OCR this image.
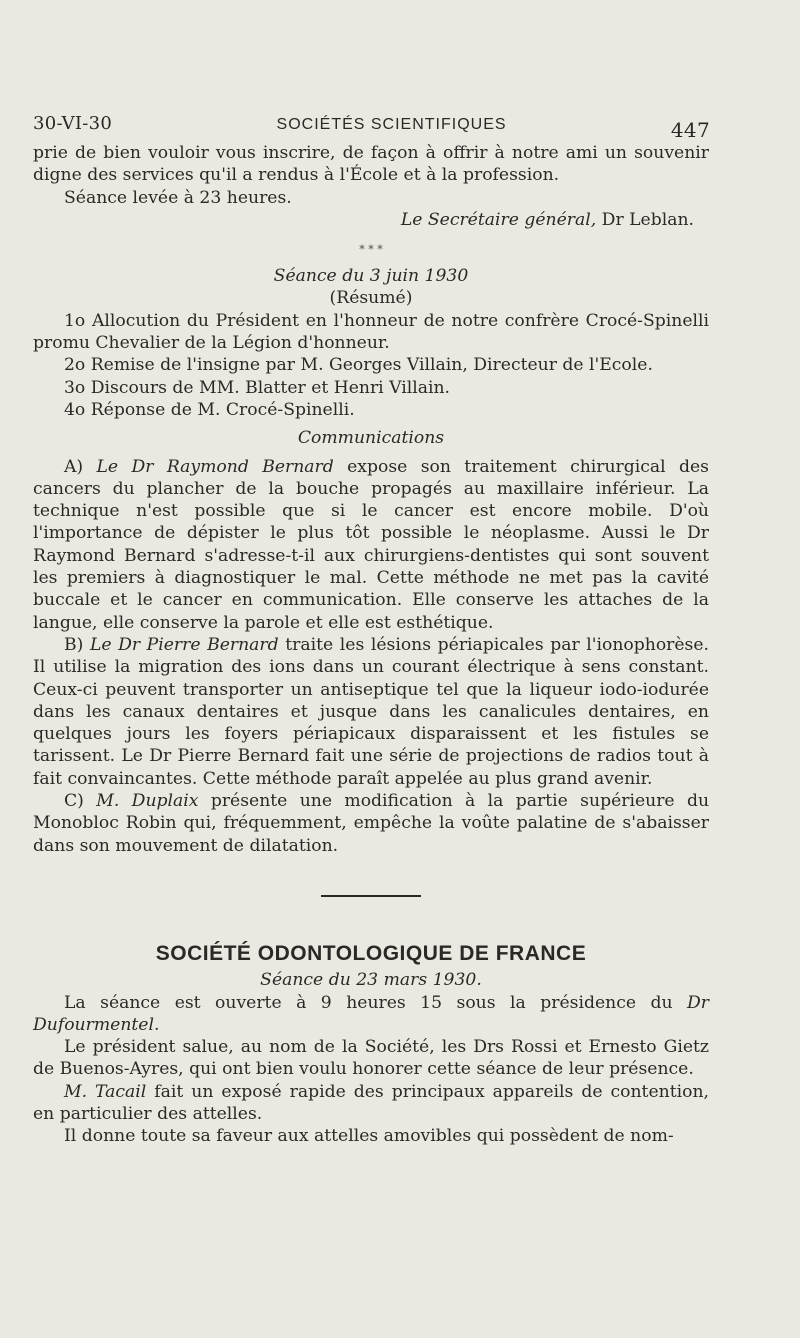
30-VI-30	SOCIÉTÉS SCIENTIFIQUES	447

prie de bien vouloir vous inscrire, de façon à offrir à notre ami un souvenir digne des services qu'il a rendus à l'École et à la profession.

Séance levée à 23 heures.

Le Secrétaire général, Dr Leblan.

* * *

Séance du 3 juin 1930

(Résumé)

1o Allocution du Président en l'honneur de notre confrère Crocé-Spinelli promu Chevalier de la Légion d'honneur.

2o Remise de l'insigne par M. Georges Villain, Directeur de l'Ecole.

3o Discours de MM. Blatter et Henri Villain.

4o Réponse de M. Crocé-Spinelli.

Communications

A) Le Dr Raymond Bernard expose son traitement chirurgical des cancers du plancher de la bouche propagés au maxillaire inférieur. La technique n'est possible que si le cancer est encore mobile. D'où l'importance de dépister le plus tôt possible le néoplasme. Aussi le Dr Raymond Bernard s'adresse-t-il aux chirurgiens-dentistes qui sont souvent les premiers à diagnostiquer le mal. Cette méthode ne met pas la cavité buccale et le cancer en communication. Elle conserve les attaches de la langue, elle conserve la parole et elle est esthétique.

B) Le Dr Pierre Bernard traite les lésions périapicales par l'ionophorèse. Il utilise la migration des ions dans un courant électrique à sens constant. Ceux-ci peuvent transporter un antiseptique tel que la liqueur iodo-iodurée dans les canaux dentaires et jusque dans les canalicules dentaires, en quelques jours les foyers périapicaux disparaissent et les fistules se tarissent. Le Dr Pierre Bernard fait une série de projections de radios tout à fait convaincantes. Cette méthode paraît appelée au plus grand avenir.

C) M. Duplaix présente une modification à la partie supérieure du Monobloc Robin qui, fréquemment, empêche la voûte palatine de s'abaisser dans son mouvement de dilatation.

SOCIÉTÉ ODONTOLOGIQUE DE FRANCE

Séance du 23 mars 1930.

La séance est ouverte à 9 heures 15 sous la présidence du Dr Dufourmentel.

Le président salue, au nom de la Société, les Drs Rossi et Ernesto Gietz de Buenos-Ayres, qui ont bien voulu honorer cette séance de leur présence.

M. Tacail fait un exposé rapide des principaux appareils de contention, en particulier des attelles.

Il donne toute sa faveur aux attelles amovibles qui possèdent de nom-
